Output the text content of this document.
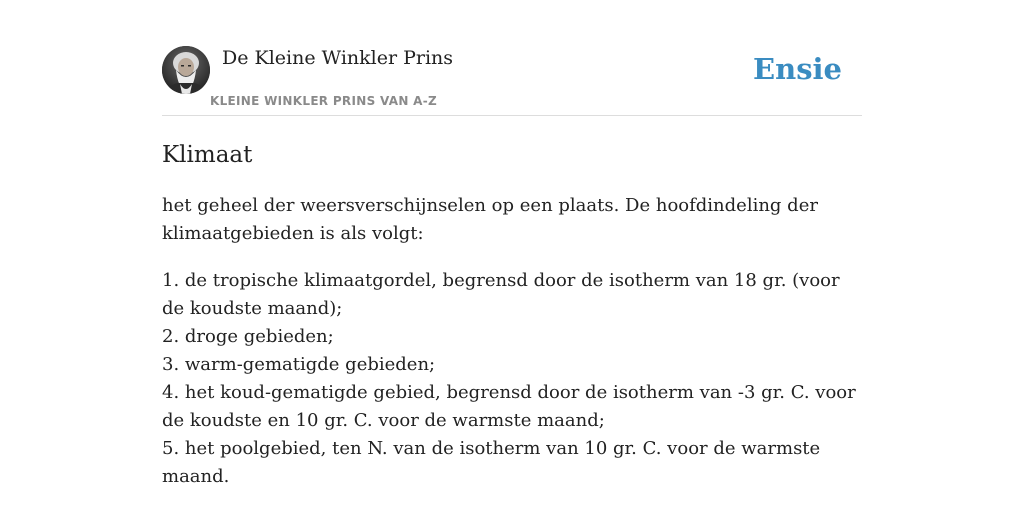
De Kleine Winkler Prins
KLEINE WINKLER PRINS VAN A-Z
Ensie
Klimaat

het geheel der weersverschijnselen op een plaats. De hoofdindeling der klimaatgebieden is als volgt:

1. de tropische klimaatgordel, begrensd door de isotherm van 18 gr. (voor de koudste maand);
2. droge gebieden;
3. warm-gematigde gebieden;
4. het koud-gematigde gebied, begrensd door de isotherm van -3 gr. C. voor de koudste en 10 gr. C. voor de warmste maand;
5. het poolgebied, ten N. van de isotherm van 10 gr. C. voor de warmste maand.
